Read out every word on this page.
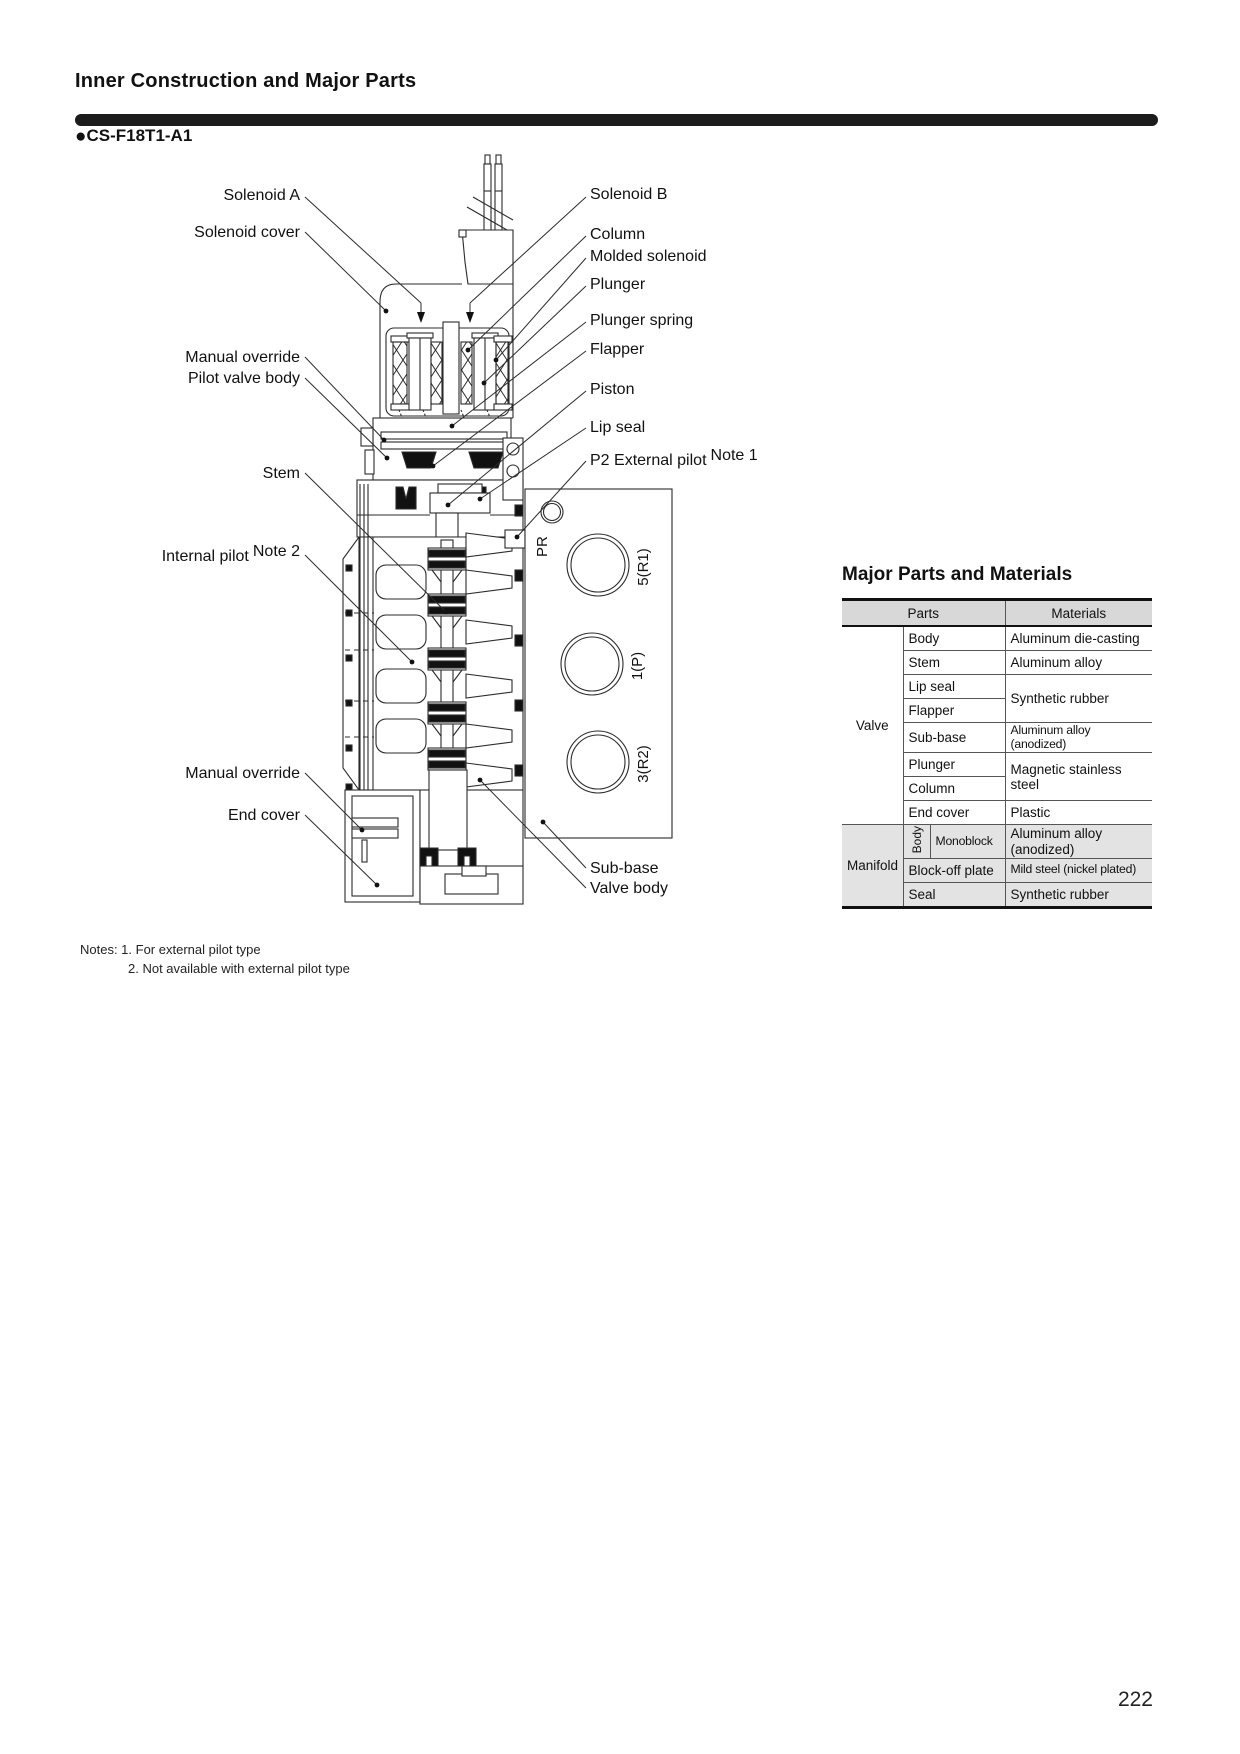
Inner Construction and Major Parts
●CS-F18T1-A1
Solenoid A
Solenoid cover
Manual override
Pilot valve body
Stem
Internal pilot Note 2
Manual override
End cover
Solenoid B
Column
Molded solenoid
Plunger
Plunger spring
Flapper
Piston
Lip seal
P2 External pilot Note 1
Sub-base
Valve body
PR
5(R1)
1(P)
3(R2)
Notes: 1. For external pilot type
2. Not available with external pilot type
Major Parts and Materials
Parts			Materials
Valve	Body		Aluminum die-casting
	Stem		Aluminum alloy
	Lip seal		Synthetic rubber
	Flapper		
	Sub-base		Aluminum alloy (anodized)
	Plunger		Magnetic stainless steel
	Column		
	End cover		Plastic
Manifold	Body	Monoblock	Aluminum alloy (anodized)
	Block-off plate		Mild steel (nickel plated)
	Seal		Synthetic rubber
222
